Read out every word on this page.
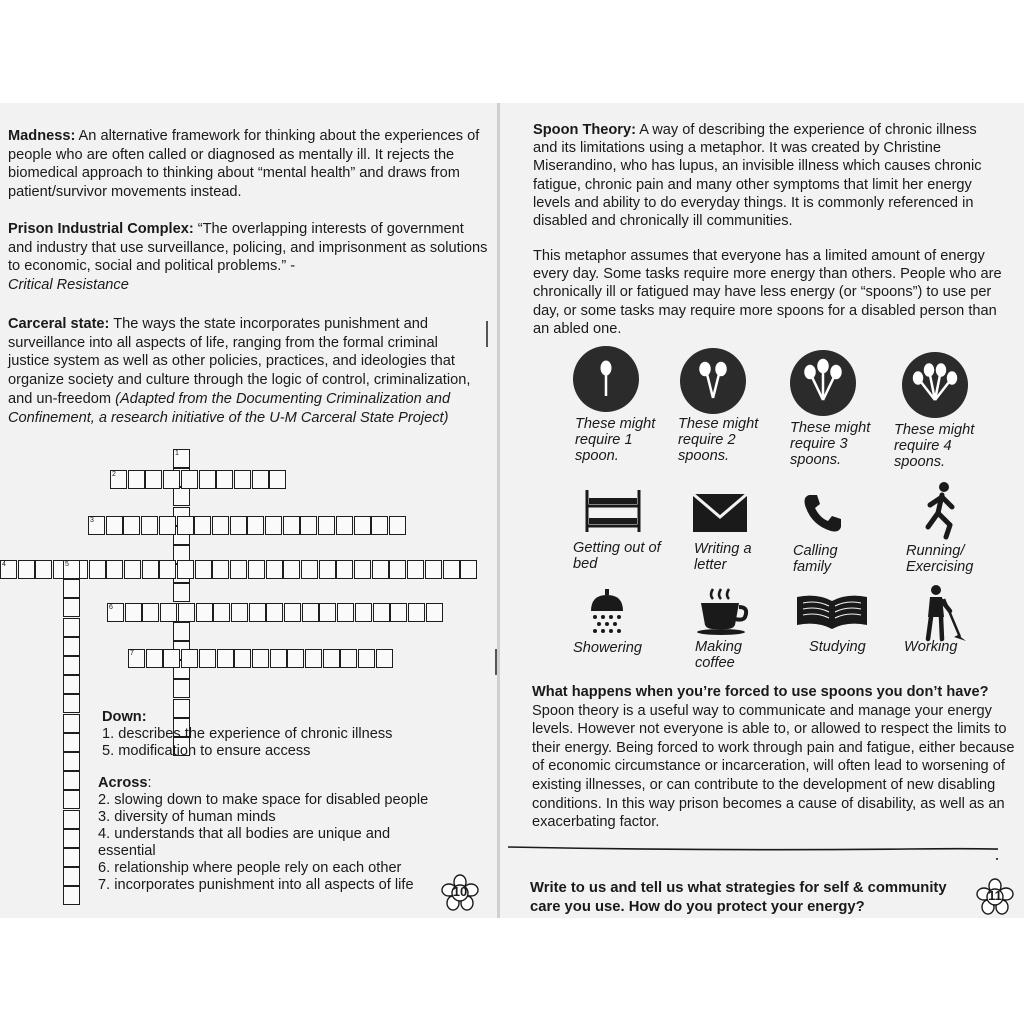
Madness: An alternative framework for thinking about the experiences of people who are often called or diagnosed as mentally ill. It rejects the biomedical approach to thinking about “mental health” and draws from patient/survivor movements instead.
Prison Industrial Complex: “The overlapping interests of government and industry that use surveillance, policing, and imprisonment as solutions to economic, social and political problems.” -
Critical Resistance
Carceral state: The ways the state incorporates punishment and surveillance into all aspects of life, ranging from the formal criminal justice system as well as other policies, practices, and ideologies that organize society and culture through the logic of control, criminalization, and un-freedom (Adapted from the Documenting Criminalization and Confinement, a research initiative of the U-M Carceral State Project)
1
2
3
4	5
6
7
Down:
1. describes the experience of chronic illness
5. modification to ensure access
Across:
2. slowing down to make space for disabled people
3. diversity of human minds
4. understands that all bodies are unique and essential
6. relationship where people rely on each other
7. incorporates punishment into all aspects of life	10
Spoon Theory: A way of describing the experience of chronic illness and its limitations using a metaphor. It was created by Christine Miserandino, who has lupus, an invisible illness which causes chronic fatigue, chronic pain and many other symptoms that limit her energy levels and ability to do everyday things. It is commonly referenced in disabled and chronically ill communities.
This metaphor assumes that everyone has a limited amount of energy every day. Some tasks require more energy than others. People who are chronically ill or fatigued may have less energy (or “spoons”) to use per day, or some tasks may require more spoons for a disabled person than an abled one.
These might require 1 spoon.
These might require 2 spoons.
These might require 3 spoons.
These might require 4 spoons.
Getting out of bed
Writing a letter
Calling family
Running/ Exercising
Showering	Making coffee
Studying	Working
What happens when you’re forced to use spoons you don’t have? Spoon theory is a useful way to communicate and manage your energy levels. However not everyone is able to, or allowed to respect the limits to their energy. Being forced to work through pain and fatigue, either because of economic circumstance or incarceration, will often lead to worsening of existing illnesses, or can contribute to the development of new disabling conditions. In this way prison becomes a cause of disability, as well as an exacerbating factor.
Write to us and tell us what strategies for self & community care you use. How do you protect your energy?
11
